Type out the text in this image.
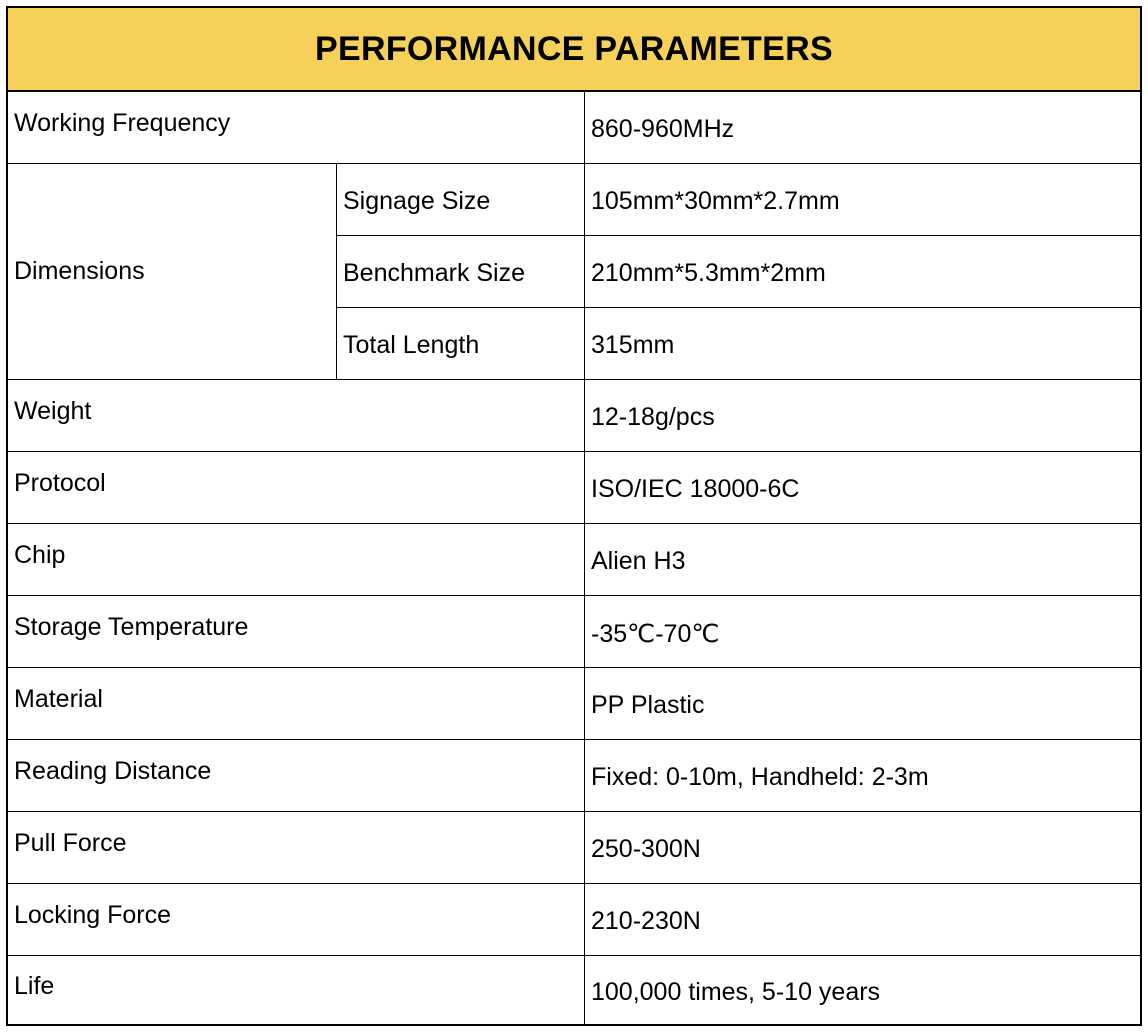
PERFORMANCE PARAMETERS
Working Frequency	860-960MHz
Dimensions
Signage Size	105mm*30mm*2.7mm
Benchmark Size	210mm*5.3mm*2mm
Total Length	315mm
Weight	12-18g/pcs
Protocol	ISO/IEC 18000-6C
Chip	Alien H3
Storage Temperature	-35℃-70℃
Material	PP Plastic
Reading Distance	Fixed: 0-10m, Handheld: 2-3m
Pull Force	250-300N
Locking Force	210-230N
Life	100,000 times, 5-10 years
